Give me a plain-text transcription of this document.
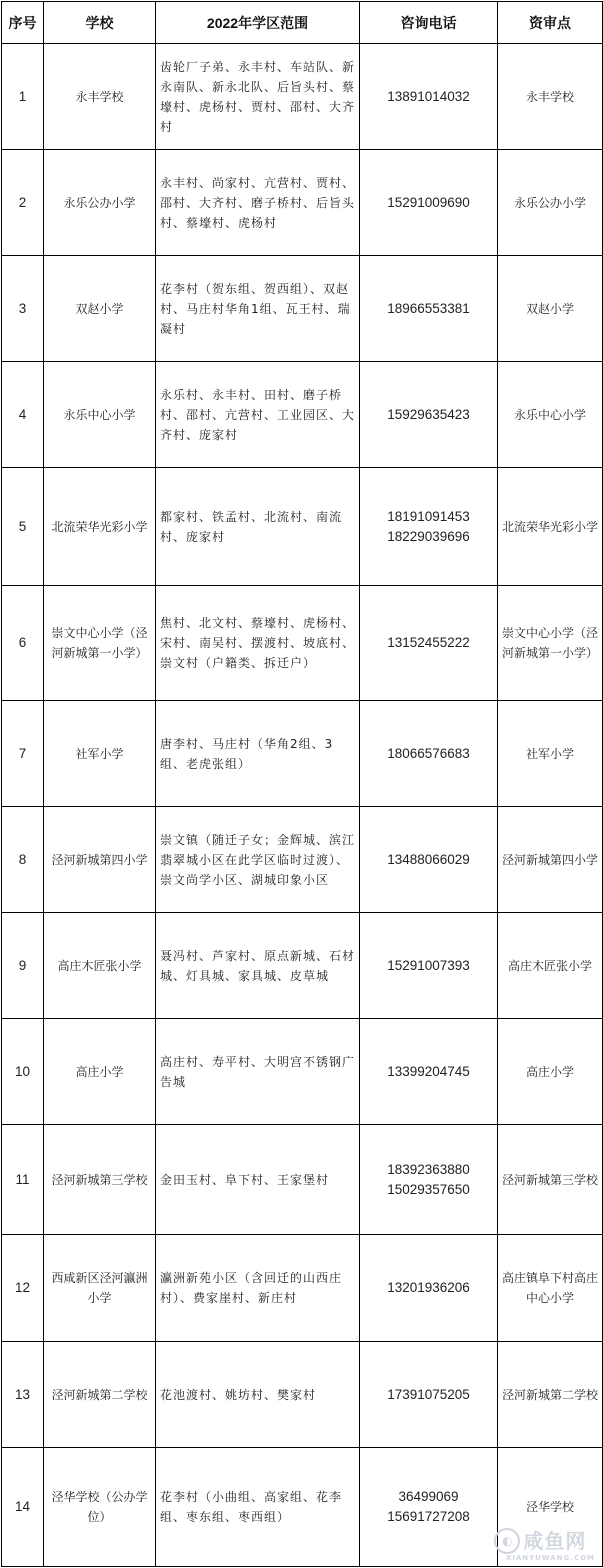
序号	学校	2022年学区范围	咨询电话	资审点
1	永丰学校	齿轮厂子弟、永丰村、车站队、新永南队、新永北队、后旨头村、蔡壕村、虎杨村、贾村、邵村、大齐村	13891014032	永丰学校
2	永乐公办小学	永丰村、尚家村、亢营村、贾村、邵村、大齐村、磨子桥村、后旨头村、蔡壕村、虎杨村	15291009690	永乐公办小学
3	双赵小学	花李村（贺东组、贺西组）、双赵村、马庄村华角1组、瓦王村、瑞凝村	18966553381	双赵小学
4	永乐中心小学	永乐村、永丰村、田村、磨子桥村、邵村、亢营村、工业园区、大齐村、庞家村	15929635423	永乐中心小学
5	北流荣华光彩小学	都家村、铁孟村、北流村、南流村、庞家村	18191091453
18229039696	北流荣华光彩小学
6	崇文中心小学（泾河新城第一小学）	焦村、北文村、蔡壕村、虎杨村、宋村、南吴村、摆渡村、坡底村、崇文村（户籍类、拆迁户）	13152455222	崇文中心小学（泾河新城第一小学）
7	社军小学	唐李村、马庄村（华角2组、3组、老虎张组）	18066576683	社军小学
8	泾河新城第四小学	崇文镇（随迁子女；金辉城、滨江翡翠城小区在此学区临时过渡）、崇文尚学小区、湖城印象小区	13488066029	泾河新城第四小学
9	高庄木匠张小学	聂冯村、芦家村、原点新城、石材城、灯具城、家具城、皮草城	15291007393	高庄木匠张小学
10	高庄小学	高庄村、寿平村、大明宫不锈钢广告城	13399204745	高庄小学
11	泾河新城第三学校	金田玉村、阜下村、王家堡村	18392363880
15029357650	泾河新城第三学校
12	西咸新区泾河瀛洲小学	瀛洲新苑小区（含回迁的山西庄村）、费家崖村、新庄村	13201936206	高庄镇阜下村高庄中心小学
13	泾河新城第二学校	花池渡村、姚坊村、樊家村	17391075205	泾河新城第二学校
14	泾华学校（公办学位）	花李村（小曲组、高家组、花李组、枣东组、枣西组）	36499069
15691727208	泾华学校
◐ 咸鱼网
XIANYUWANG.COM
